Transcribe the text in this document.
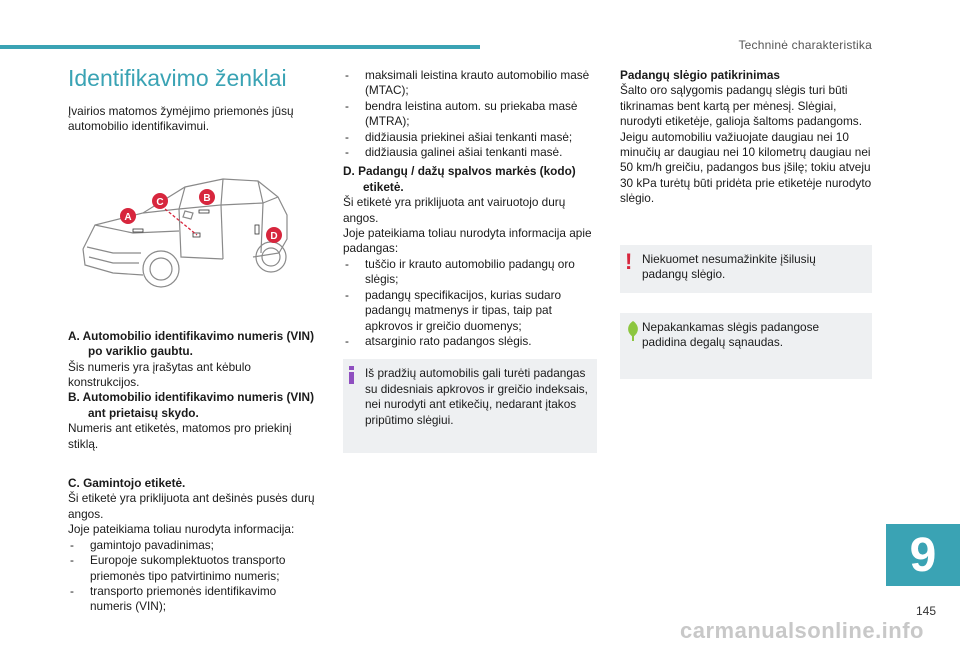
Techninė charakteristika
Identifikavimo ženklai

Įvairios matomos žymėjimo priemonės jūsų automobilio identifikavimui.

A
B
C
D

A. Automobilio identifikavimo numeris (VIN) po variklio gaubtu.

Šis numeris yra įrašytas ant kėbulo konstrukcijos.

B. Automobilio identifikavimo numeris (VIN) ant prietaisų skydo.

Numeris ant etiketės, matomos pro priekinį stiklą.

C. Gamintojo etiketė.

Ši etiketė yra priklijuota ant dešinės pusės durų angos.

Joje pateikiama toliau nurodyta informacija:

- gamintojo pavadinimas;
- Europoje sukomplektuotos transporto priemonės tipo patvirtinimo numeris;
- transporto priemonės identifikavimo numeris (VIN);
- maksimali leistina krauto automobilio masė (MTAC);
- bendra leistina autom. su priekaba masė (MTRA);
- didžiausia priekinei ašiai tenkanti masė;
- didžiausia galinei ašiai tenkanti masė.

D. Padangų / dažų spalvos markės (kodo) etiketė.

Ši etiketė yra priklijuota ant vairuotojo durų angos.

Joje pateikiama toliau nurodyta informacija apie padangas:

- tuščio ir krauto automobilio padangų oro slėgis;
- padangų specifikacijos, kurias sudaro padangų matmenys ir tipas, taip pat apkrovos ir greičio duomenys;
- atsarginio rato padangos slėgis.

Iš pradžių automobilis gali turėti padangas su didesniais apkrovos ir greičio indeksais, nei nurodyti ant etikečių, nedarant įtakos pripūtimo slėgiui.

Padangų slėgio patikrinimas

Šalto oro sąlygomis padangų slėgis turi būti tikrinamas bent kartą per mėnesį. Slėgiai, nurodyti etiketėje, galioja šaltoms padangoms. Jeigu automobiliu važiuojate daugiau nei 10 minučių ar daugiau nei 10 kilometrų daugiau nei 50 km/h greičiu, padangos bus įšilę; tokiu atveju 30 kPa turėtų būti pridėta prie etiketėje nurodyto slėgio.

! Niekuomet nesumažinkite įšilusių padangų slėgio.

Nepakankamas slėgis padangose padidina degalų sąnaudas.

9
145
carmanualsonline.info
